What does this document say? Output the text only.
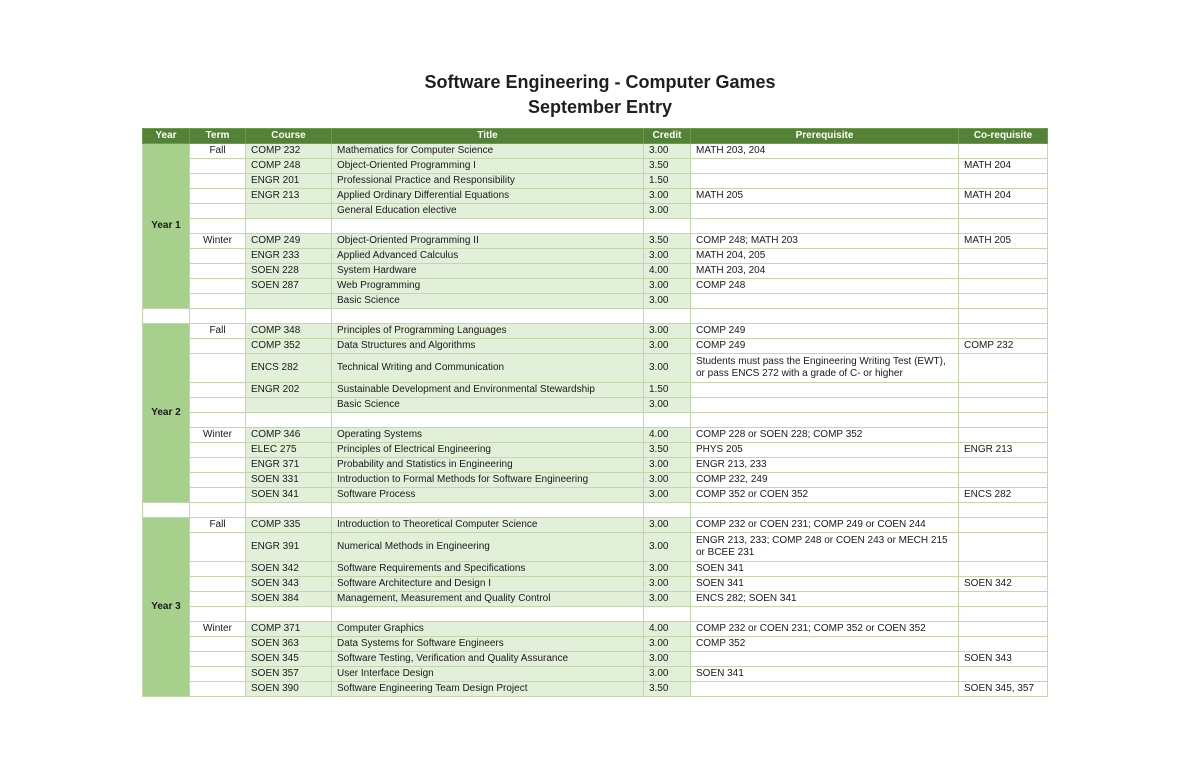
Software Engineering - Computer Games
September Entry
Year	Term	Course	Title	Credit	Prerequisite	Co-requisite
Year 1	Fall	COMP 232	Mathematics for Computer Science	3.00	MATH 203, 204	
		COMP 248	Object-Oriented Programming I	3.50		MATH 204
		ENGR 201	Professional Practice and Responsibility	1.50		
		ENGR 213	Applied Ordinary Differential Equations	3.00	MATH 205	MATH 204
			General Education elective	3.00		

	Winter	COMP 249	Object-Oriented Programming II	3.50	COMP 248; MATH 203	MATH 205
		ENGR 233	Applied Advanced Calculus	3.00	MATH 204, 205	
		SOEN 228	System Hardware	4.00	MATH 203, 204	
		SOEN 287	Web Programming	3.00	COMP 248	
			Basic Science	3.00		

Year 2	Fall	COMP 348	Principles of Programming Languages	3.00	COMP 249	
		COMP 352	Data Structures and Algorithms	3.00	COMP 249	COMP 232
		ENCS 282	Technical Writing and Communication	3.00	Students must pass the Engineering Writing Test (EWT), or pass ENCS 272 with a grade of C- or higher	
		ENGR 202	Sustainable Development and Environmental Stewardship	1.50		
			Basic Science	3.00		

	Winter	COMP 346	Operating Systems	4.00	COMP 228 or SOEN 228; COMP 352	
		ELEC 275	Principles of Electrical Engineering	3.50	PHYS 205	ENGR 213
		ENGR 371	Probability and Statistics in Engineering	3.00	ENGR 213, 233	
		SOEN 331	Introduction to Formal Methods for Software Engineering	3.00	COMP 232, 249	
		SOEN 341	Software Process	3.00	COMP 352 or COEN 352	ENCS 282

Year 3	Fall	COMP 335	Introduction to Theoretical Computer Science	3.00	COMP 232 or COEN 231; COMP 249 or COEN 244	
		ENGR 391	Numerical Methods in Engineering	3.00	ENGR 213, 233; COMP 248 or COEN 243 or MECH 215 or BCEE 231	
		SOEN 342	Software Requirements and Specifications	3.00	SOEN 341	
		SOEN 343	Software Architecture and Design I	3.00	SOEN 341	SOEN 342
		SOEN 384	Management, Measurement and Quality Control	3.00	ENCS 282; SOEN 341	

	Winter	COMP 371	Computer Graphics	4.00	COMP 232 or COEN 231; COMP 352 or COEN 352	
		SOEN 363	Data Systems for Software Engineers	3.00	COMP 352	
		SOEN 345	Software Testing, Verification and Quality Assurance	3.00		SOEN 343
		SOEN 357	User Interface Design	3.00	SOEN 341	
		SOEN 390	Software Engineering Team Design Project	3.50		SOEN 345, 357
